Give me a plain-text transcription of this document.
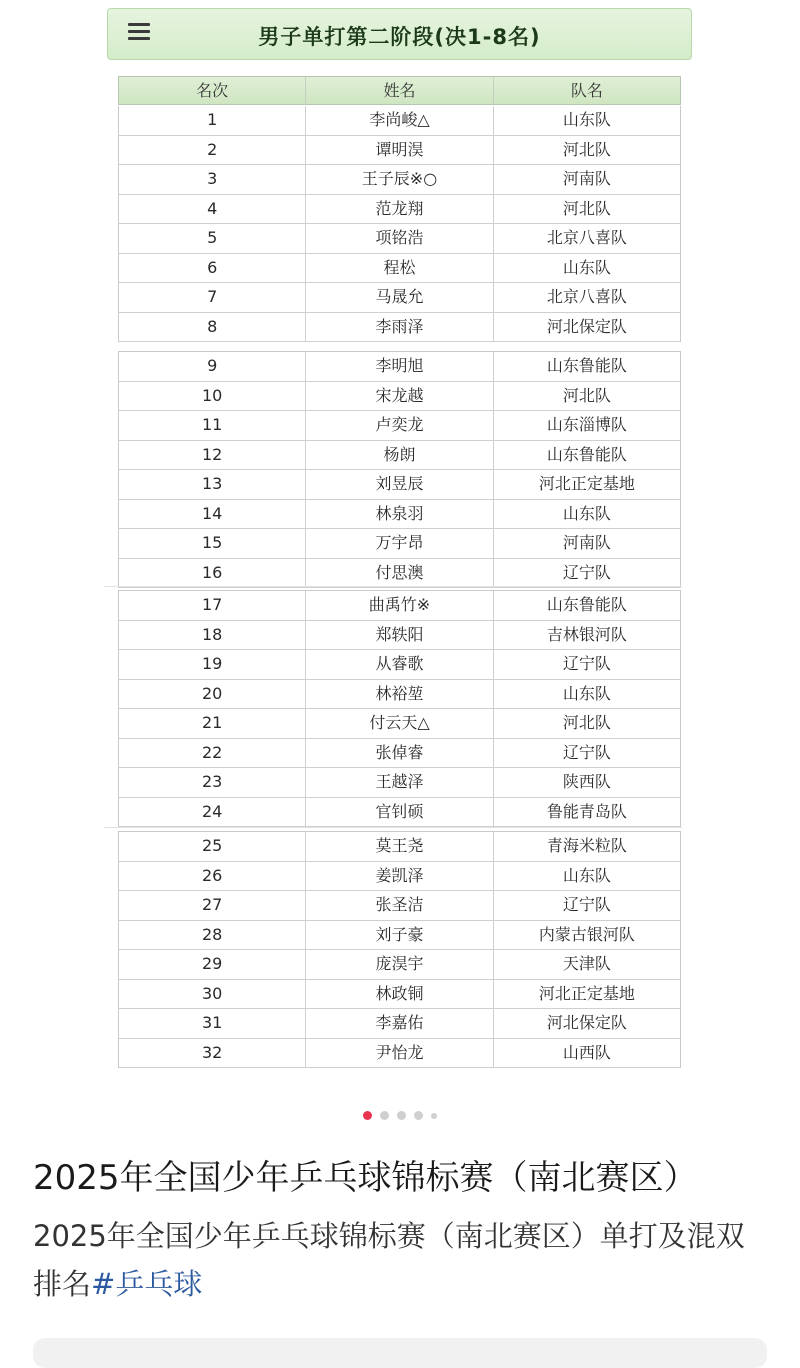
男子单打第二阶段(决1-8名)
名次	姓名	队名
1	李尚峻△	山东队
2	谭明淏	河北队
3	王子辰※○	河南队
4	范龙翔	河北队
5	项铭浩	北京八喜队
6	程松	山东队
7	马晟允	北京八喜队
8	李雨泽	河北保定队
9	李明旭	山东鲁能队
10	宋龙越	河北队
11	卢奕龙	山东淄博队
12	杨朗	山东鲁能队
13	刘昱辰	河北正定基地
14	林泉羽	山东队
15	万宇昂	河南队
16	付思澳	辽宁队
17	曲禹竹※	山东鲁能队
18	郑轶阳	吉林银河队
19	从睿歌	辽宁队
20	林裕堃	山东队
21	付云天△	河北队
22	张倬睿	辽宁队
23	王越泽	陕西队
24	官钊硕	鲁能青岛队
25	莫王尧	青海米粒队
26	姜凯泽	山东队
27	张圣洁	辽宁队
28	刘子豪	内蒙古银河队
29	庞淏宇	天津队
30	林政铜	河北正定基地
31	李嘉佑	河北保定队
32	尹怡龙	山西队
2025年全国少年乒乓球锦标赛（南北赛区）
2025年全国少年乒乓球锦标赛（南北赛区）单打及混双排名#乒乓球
